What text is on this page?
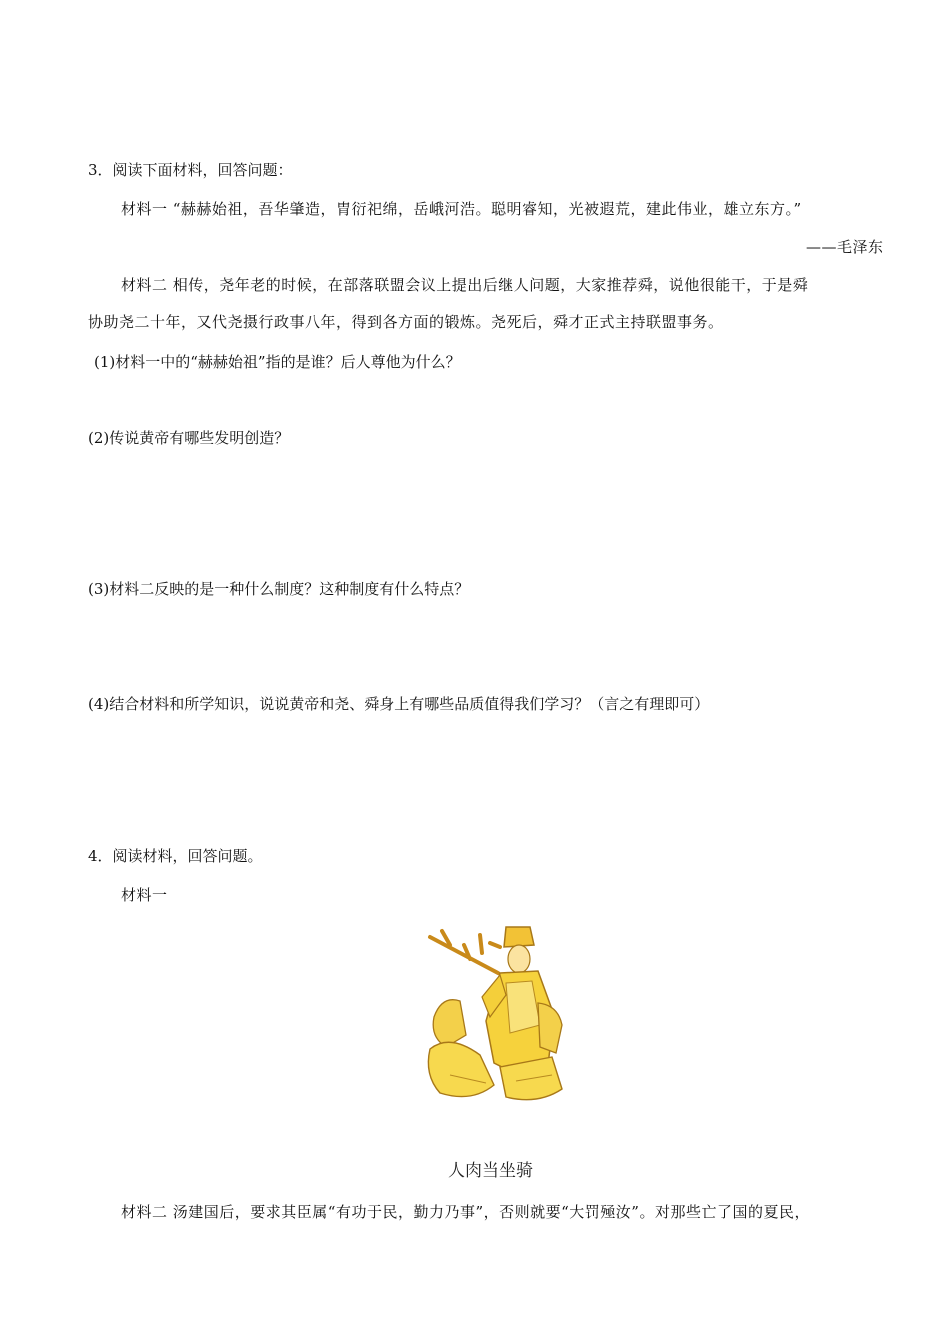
3．阅读下面材料，回答问题：
材料一 “赫赫始祖，吾华肇造，胄衍祀绵，岳峨河浩。聪明睿知，光被遐荒，建此伟业，雄立东方。”
——毛泽东
材料二 相传，尧年老的时候，在部落联盟会议上提出后继人问题，大家推荐舜，说他很能干，于是舜
协助尧二十年，又代尧摄行政事八年，得到各方面的锻炼。尧死后，舜才正式主持联盟事务。
(1)材料一中的“赫赫始祖”指的是谁？后人尊他为什么？
(2)传说黄帝有哪些发明创造？
(3)材料二反映的是一种什么制度？这种制度有什么特点？
(4)结合材料和所学知识，说说黄帝和尧、舜身上有哪些品质值得我们学习？（言之有理即可）
4．阅读材料，回答问题。
材料一
人肉当坐骑
材料二 汤建国后，要求其臣属“有功于民，勤力乃事”，否则就要“大罚殛汝”。对那些亡了国的夏民，
